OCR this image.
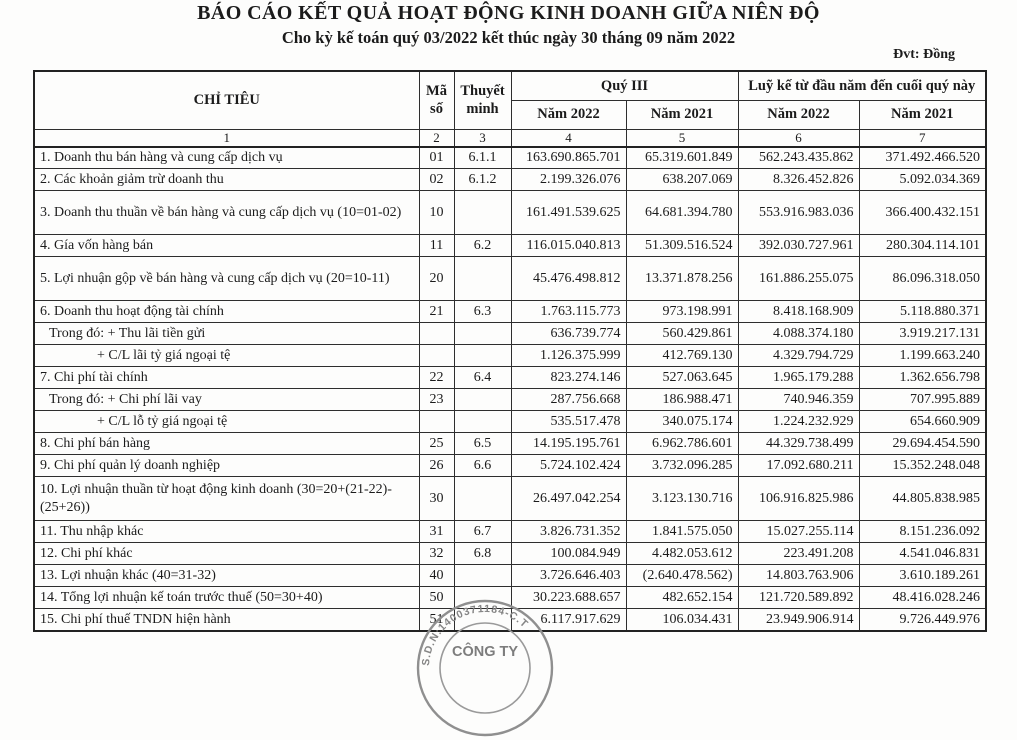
BÁO CÁO KẾT QUẢ HOẠT ĐỘNG KINH DOANH GIỮA NIÊN ĐỘ
Cho kỳ kế toán quý 03/2022 kết thúc ngày 30 tháng 09 năm 2022
Đvt: Đồng
CHỈ TIÊU	Mã số	Thuyết minh	Quý III		Luỹ kế từ đầu năm đến cuối quý này	
			Năm 2022	Năm 2021	Năm 2022	Năm 2021
1	2	3	4	5	6	7
1. Doanh thu bán hàng và cung cấp dịch vụ	01	6.1.1	163.690.865.701	65.319.601.849	562.243.435.862	371.492.466.520
2. Các khoản giảm trừ doanh thu	02	6.1.2	2.199.326.076	638.207.069	8.326.452.826	5.092.034.369
3. Doanh thu thuần về bán hàng và cung cấp dịch vụ (10=01-02)	10		161.491.539.625	64.681.394.780	553.916.983.036	366.400.432.151
4. Gía vốn hàng bán	11	6.2	116.015.040.813	51.309.516.524	392.030.727.961	280.304.114.101
5. Lợi nhuận gộp về bán hàng và cung cấp dịch vụ (20=10-11)	20		45.476.498.812	13.371.878.256	161.886.255.075	86.096.318.050
6. Doanh thu hoạt động tài chính	21	6.3	1.763.115.773	973.198.991	8.418.168.909	5.118.880.371
Trong đó: + Thu lãi tiền gửi			636.739.774	560.429.861	4.088.374.180	3.919.217.131
+ C/L lãi tỷ giá ngoại tệ			1.126.375.999	412.769.130	4.329.794.729	1.199.663.240
7. Chi phí tài chính	22	6.4	823.274.146	527.063.645	1.965.179.288	1.362.656.798
Trong đó: + Chi phí lãi vay	23		287.756.668	186.988.471	740.946.359	707.995.889
+ C/L lỗ tỷ giá ngoại tệ			535.517.478	340.075.174	1.224.232.929	654.660.909
8. Chi phí bán hàng	25	6.5	14.195.195.761	6.962.786.601	44.329.738.499	29.694.454.590
9. Chi phí quản lý doanh nghiệp	26	6.6	5.724.102.424	3.732.096.285	17.092.680.211	15.352.248.048
10. Lợi nhuận thuần từ hoạt động kinh doanh (30=20+(21-22)-(25+26))	30		26.497.042.254	3.123.130.716	106.916.825.986	44.805.838.985
11. Thu nhập khác	31	6.7	3.826.731.352	1.841.575.050	15.027.255.114	8.151.236.092
12. Chi phí khác	32	6.8	100.084.949	4.482.053.612	223.491.208	4.541.046.831
13. Lợi nhuận khác (40=31-32)	40		3.726.646.403	(2.640.478.562)	14.803.763.906	3.610.189.261
14. Tổng lợi nhuận kế toán trước thuế (50=30+40)	50		30.223.688.657	482.652.154	121.720.589.892	48.416.028.246
15. Chi phí thuế TNDN hiện hành	51		6.117.917.629	106.034.431	23.949.906.914	9.726.449.976
S.D.N:1400371184-C.T
CÔNG TY
